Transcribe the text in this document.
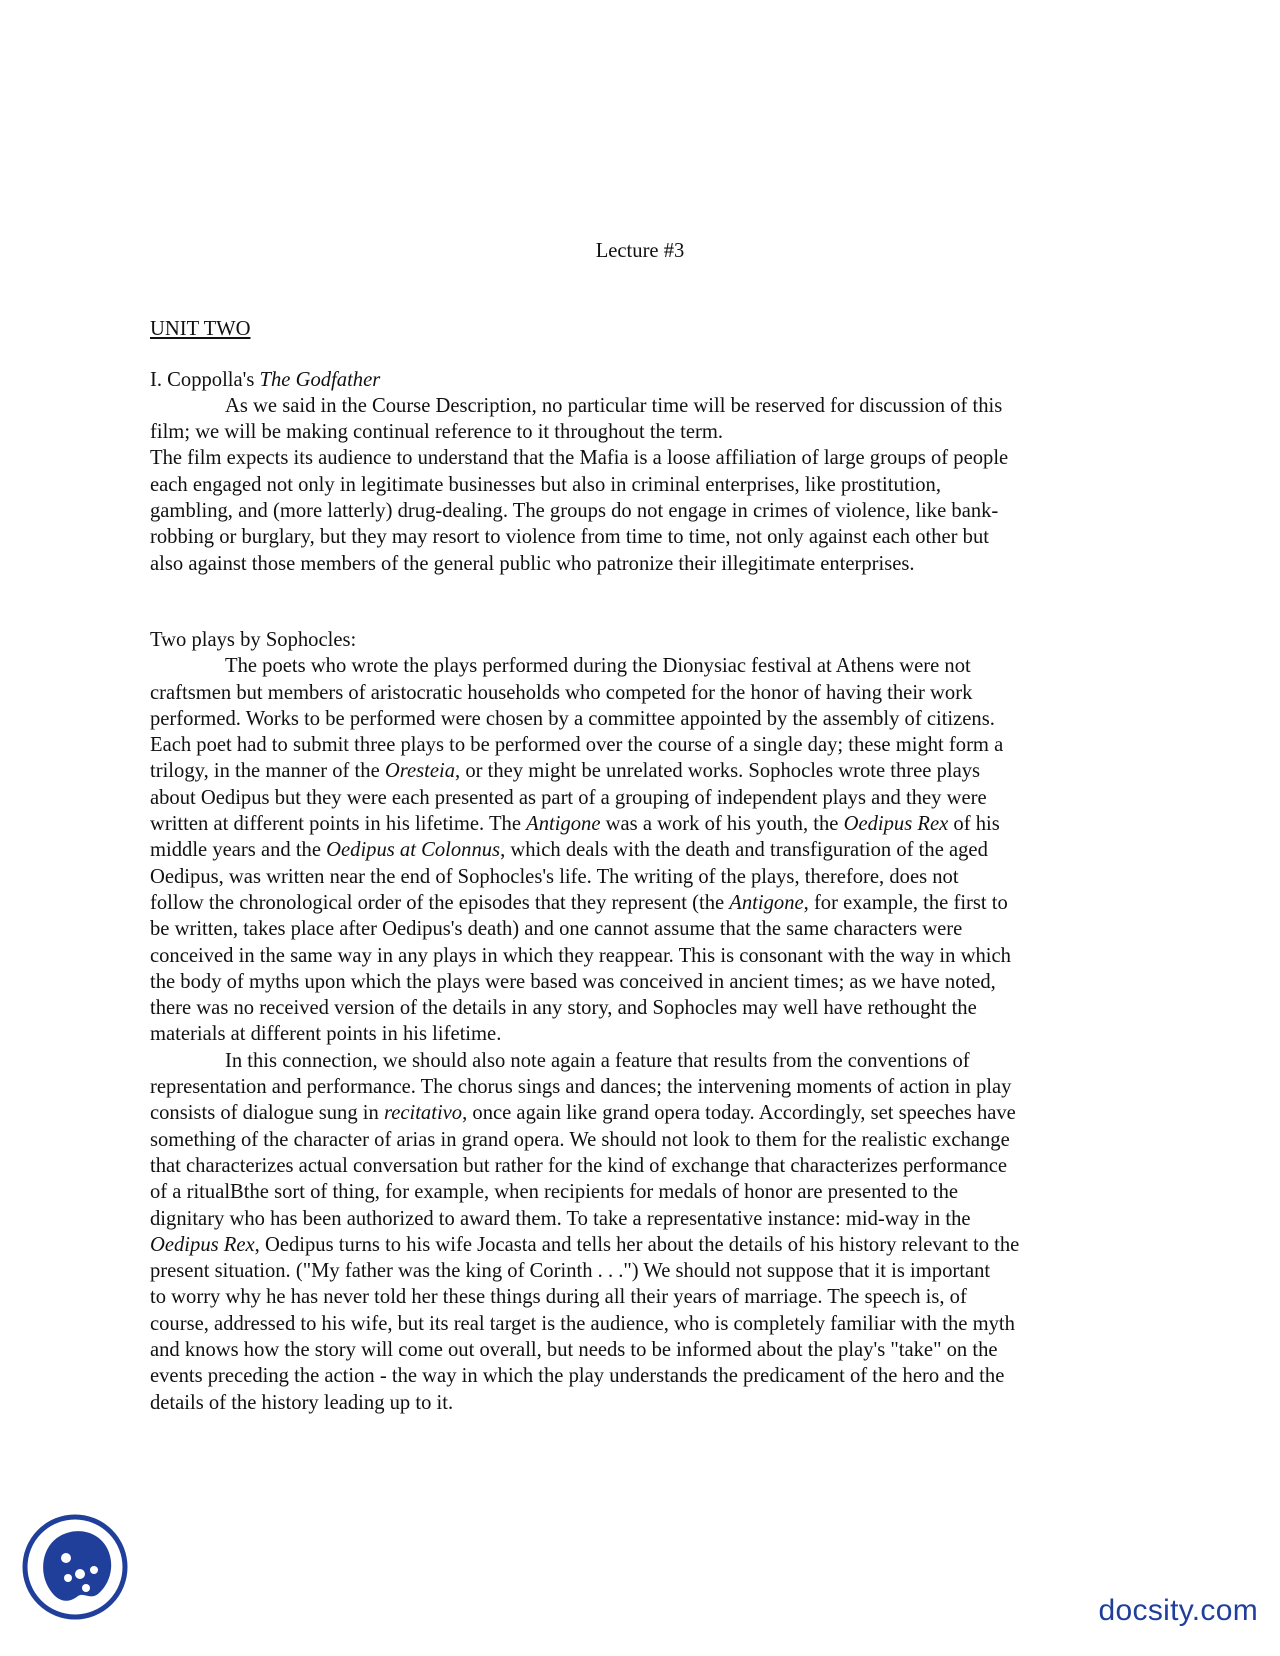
Lecture #3

UNIT TWO
I. Coppolla's The Godfather
As we said in the Course Description, no particular time will be reserved for discussion of this
film; we will be making continual reference to it throughout the term.
The film expects its audience to understand that the Mafia is a loose affiliation of large groups of people
each engaged not only in legitimate businesses but also in criminal enterprises, like prostitution,
gambling, and (more latterly) drug-dealing. The groups do not engage in crimes of violence, like bank-
robbing or burglary, but they may resort to violence from time to time, not only against each other but
also against those members of the general public who patronize their illegitimate enterprises.
Two plays by Sophocles:
The poets who wrote the plays performed during the Dionysiac festival at Athens were not
craftsmen but members of aristocratic households who competed for the honor of having their work
performed. Works to be performed were chosen by a committee appointed by the assembly of citizens.
Each poet had to submit three plays to be performed over the course of a single day; these might form a
trilogy, in the manner of the Oresteia, or they might be unrelated works. Sophocles wrote three plays
about Oedipus but they were each presented as part of a grouping of independent plays and they were
written at different points in his lifetime. The Antigone was a work of his youth, the Oedipus Rex of his
middle years and the Oedipus at Colonnus, which deals with the death and transfiguration of the aged
Oedipus, was written near the end of Sophocles's life. The writing of the plays, therefore, does not
follow the chronological order of the episodes that they represent (the Antigone, for example, the first to
be written, takes place after Oedipus's death) and one cannot assume that the same characters were
conceived in the same way in any plays in which they reappear. This is consonant with the way in which
the body of myths upon which the plays were based was conceived in ancient times; as we have noted,
there was no received version of the details in any story, and Sophocles may well have rethought the
materials at different points in his lifetime.
In this connection, we should also note again a feature that results from the conventions of
representation and performance. The chorus sings and dances; the intervening moments of action in play
consists of dialogue sung in recitativo, once again like grand opera today. Accordingly, set speeches have
something of the character of arias in grand opera. We should not look to them for the realistic exchange
that characterizes actual conversation but rather for the kind of exchange that characterizes performance
of a ritualBthe sort of thing, for example, when recipients for medals of honor are presented to the
dignitary who has been authorized to award them. To take a representative instance: mid-way in the
Oedipus Rex, Oedipus turns to his wife Jocasta and tells her about the details of his history relevant to the
present situation. ("My father was the king of Corinth . . .") We should not suppose that it is important
to worry why he has never told her these things during all their years of marriage. The speech is, of
course, addressed to his wife, but its real target is the audience, who is completely familiar with the myth
and knows how the story will come out overall, but needs to be informed about the play's "take" on the
events preceding the action - the way in which the play understands the predicament of the hero and the
details of the history leading up to it.
docsity.com
